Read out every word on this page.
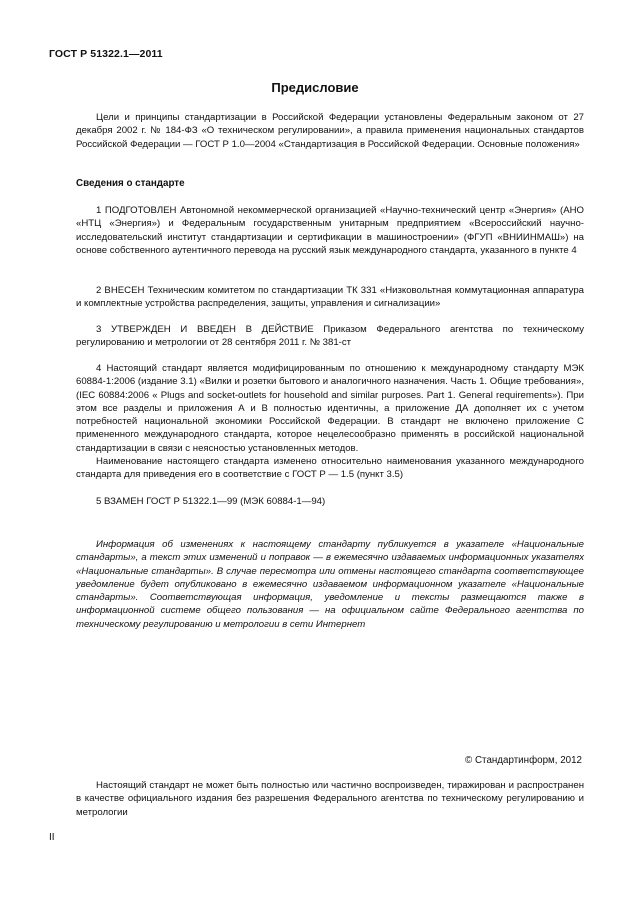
ГОСТ Р 51322.1—2011
Предисловие

Цели и принципы стандартизации в Российской Федерации установлены Федеральным законом от 27 декабря 2002 г. № 184-ФЗ «О техническом регулировании», а правила применения национальных стандартов Российской Федерации — ГОСТ Р 1.0—2004 «Стандартизация в Российской Федерации. Основные положения»

Сведения о стандарте

1 ПОДГОТОВЛЕН Автономной некоммерческой организацией «Научно-технический центр «Энергия» (АНО «НТЦ «Энергия») и Федеральным государственным унитарным предприятием «Всероссийский научно-исследовательский институт стандартизации и сертификации в машиностроении» (ФГУП «ВНИИНМАШ») на основе собственного аутентичного перевода на русский язык международного стандарта, указанного в пункте 4

2 ВНЕСЕН Техническим комитетом по стандартизации ТК 331 «Низковольтная коммутационная аппаратура и комплектные устройства распределения, защиты, управления и сигнализации»

3 УТВЕРЖДЕН И ВВЕДЕН В ДЕЙСТВИЕ Приказом Федерального агентства по техническому регулированию и метрологии от 28 сентября 2011 г. № 381-ст

4 Настоящий стандарт является модифицированным по отношению к международному стандарту МЭК 60884-1:2006 (издание 3.1) «Вилки и розетки бытового и аналогичного назначения. Часть 1. Общие требования», (IEC 60884:2006 « Plugs and socket-outlets for household and similar purposes. Part 1. General requirements»). При этом все разделы и приложения А и В полностью идентичны, а приложение ДА дополняет их с учетом потребностей национальной экономики Российской Федерации. В стандарт не включено приложение С примененного международного стандарта, которое нецелесообразно применять в российской национальной стандартизации в связи с неясностью установленных методов.

Наименование настоящего стандарта изменено относительно наименования указанного международного стандарта для приведения его в соответствие с ГОСТ Р — 1.5 (пункт 3.5)

5 ВЗАМЕН ГОСТ Р 51322.1—99 (МЭК 60884-1—94)

Информация об изменениях к настоящему стандарту публикуется в указателе «Национальные стандарты», а текст этих изменений и поправок — в ежемесячно издаваемых информационных указателях «Национальные стандарты». В случае пересмотра или отмены настоящего стандарта соответствующее уведомление будет опубликовано в ежемесячно издаваемом информационном указателе «Национальные стандарты». Соответствующая информация, уведомление и тексты размещаются также в информационной системе общего пользования — на официальном сайте Федерального агентства по техническому регулированию и метрологии в сети Интернет

© Стандартинформ, 2012

Настоящий стандарт не может быть полностью или частично воспроизведен, тиражирован и распространен в качестве официального издания без разрешения Федерального агентства по техническому регулированию и метрологии

II
